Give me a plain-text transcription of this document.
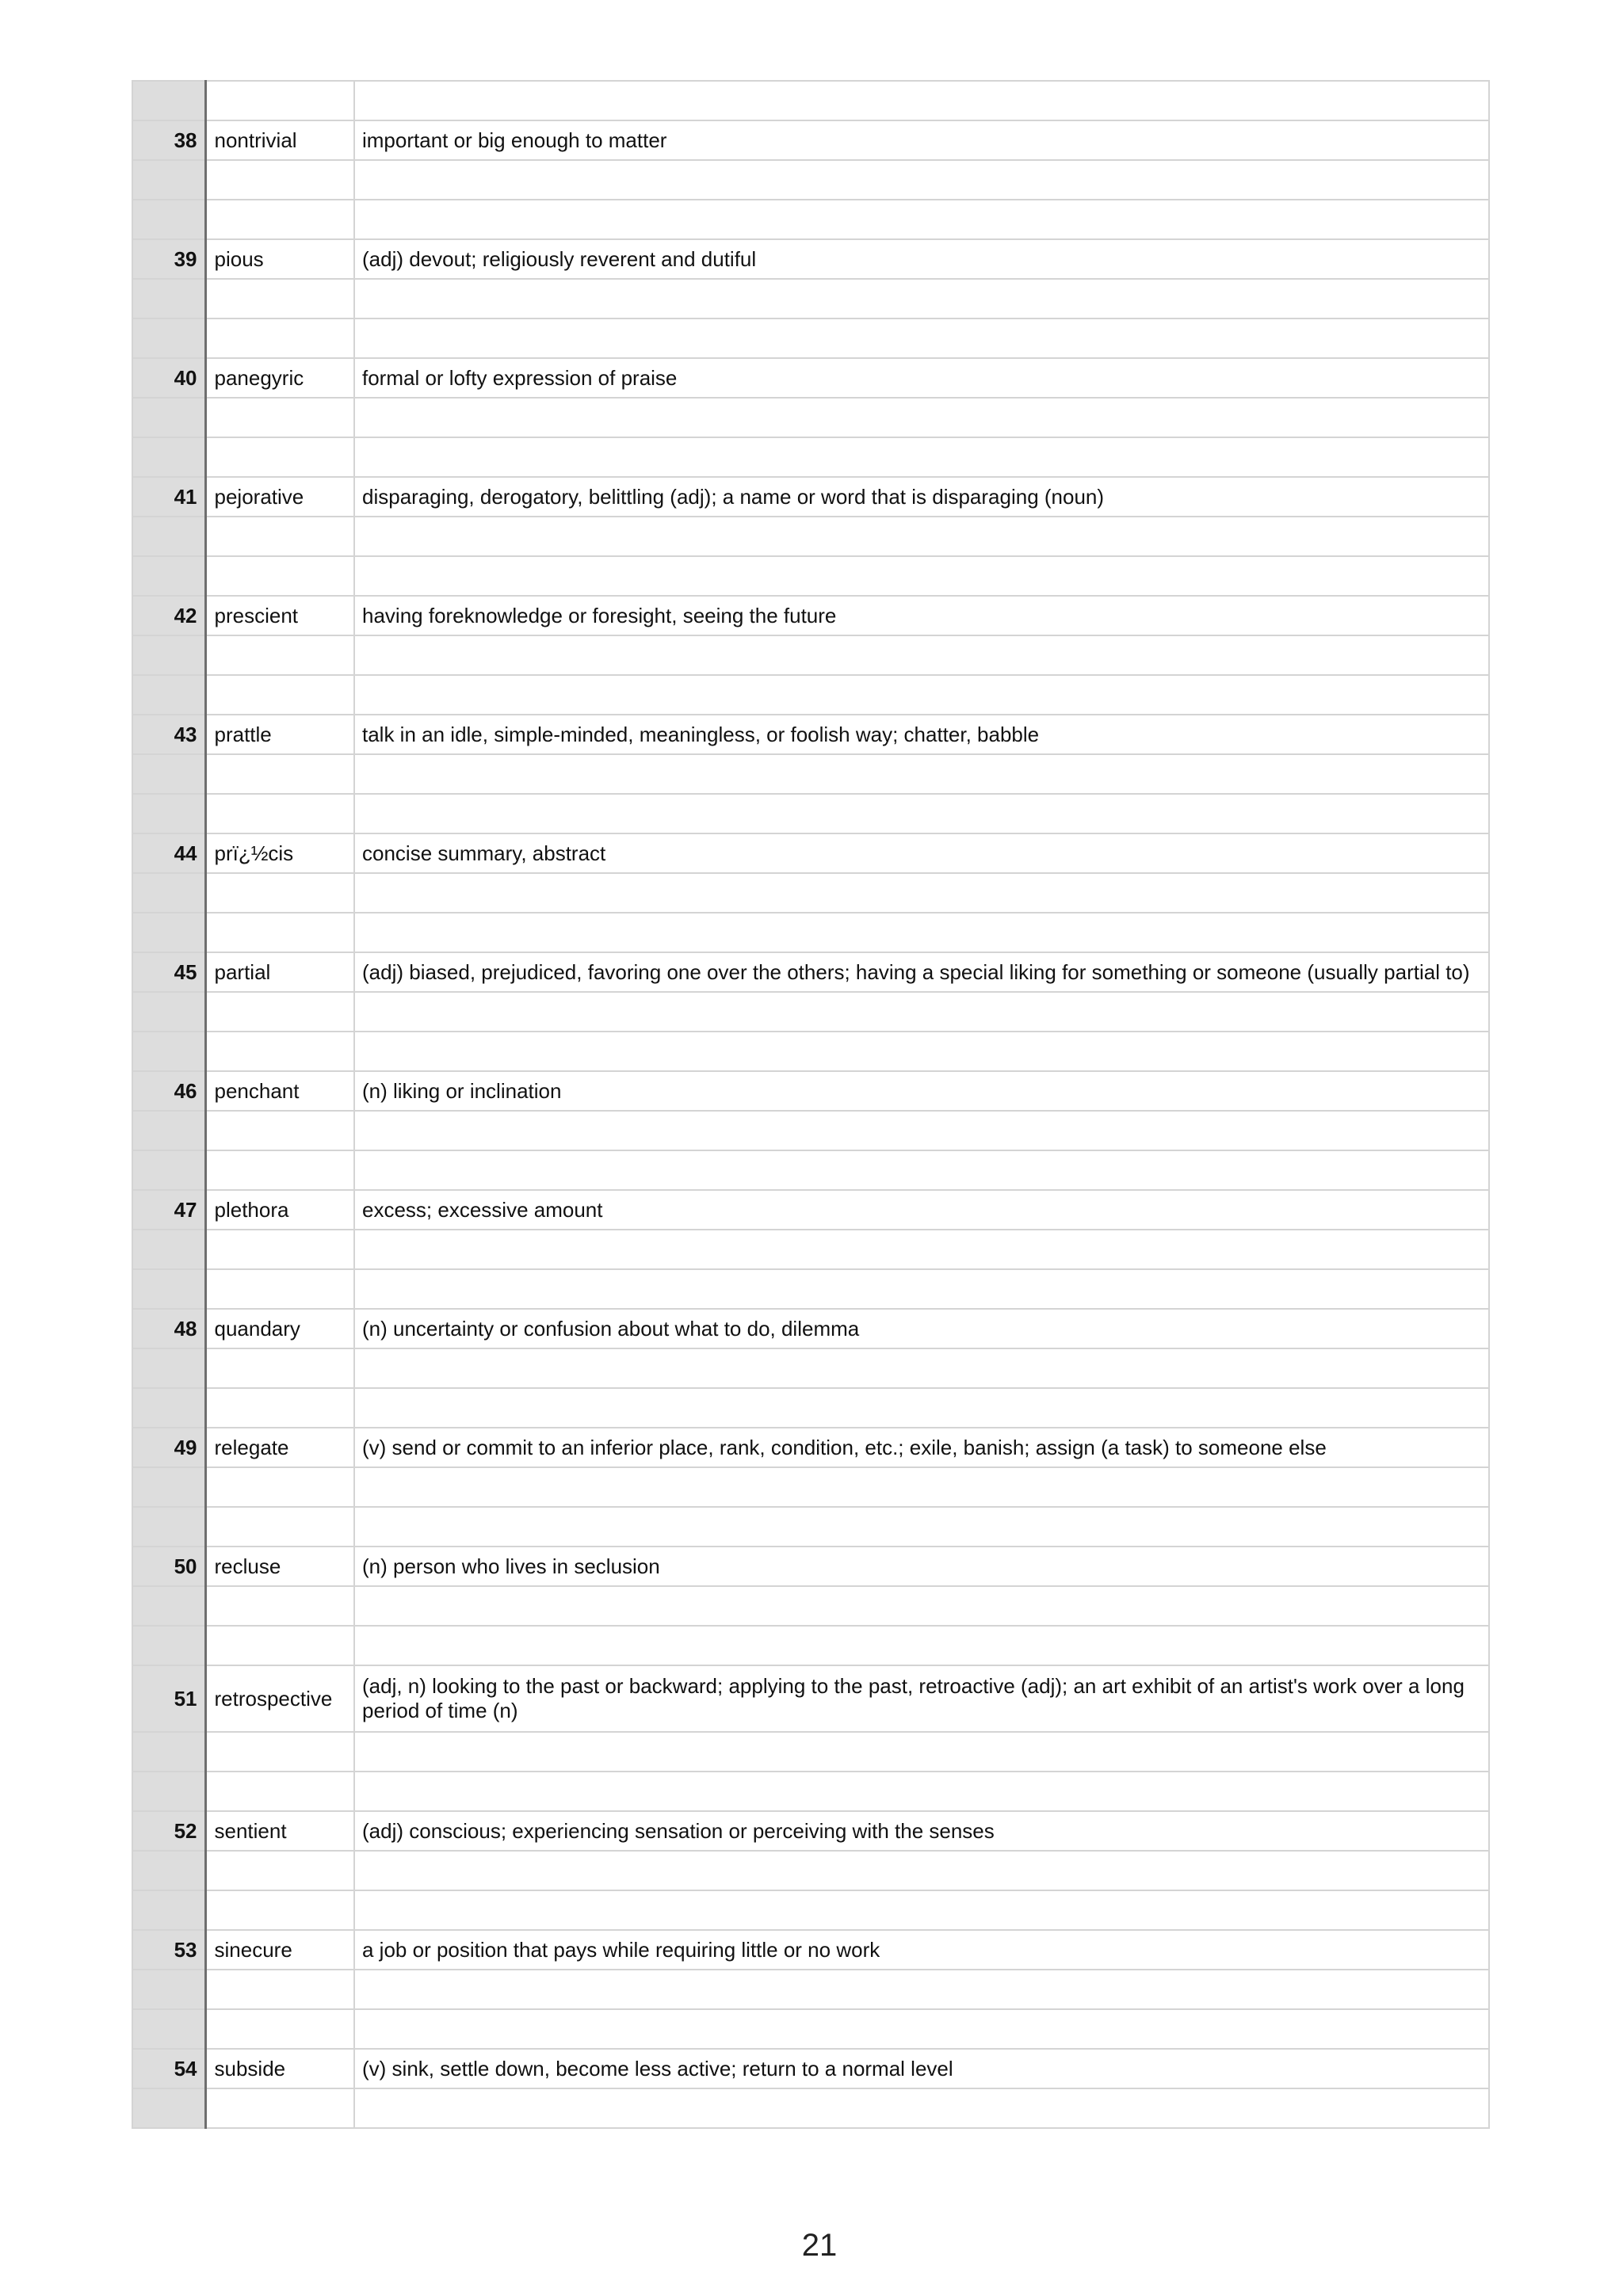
38	nontrivial	important or big enough to matter

39	pious	(adj) devout; religiously reverent and dutiful

40	panegyric	formal or lofty expression of praise

41	pejorative	disparaging, derogatory, belittling (adj); a name or word that is disparaging (noun)

42	prescient	having foreknowledge or foresight, seeing the future

43	prattle	talk in an idle, simple-minded, meaningless, or foolish way; chatter, babble

44	prï¿½cis	concise summary, abstract

45	partial	(adj) biased, prejudiced, favoring one over the others; having a special liking for something or someone (usually partial to)

46	penchant	(n) liking or inclination

47	plethora	excess; excessive amount

48	quandary	(n) uncertainty or confusion about what to do, dilemma

49	relegate	(v) send or commit to an inferior place, rank, condition, etc.; exile, banish; assign (a task) to someone else

50	recluse	(n) person who lives in seclusion

51	retrospective	(adj, n) looking to the past or backward; applying to the past, retroactive (adj); an art exhibit of an artist's work over a long period of time (n)

52	sentient	(adj) conscious; experiencing sensation or perceiving with the senses

53	sinecure	a job or position that pays while requiring little or no work

54	subside	(v) sink, settle down, become less active; return to a normal level

21
